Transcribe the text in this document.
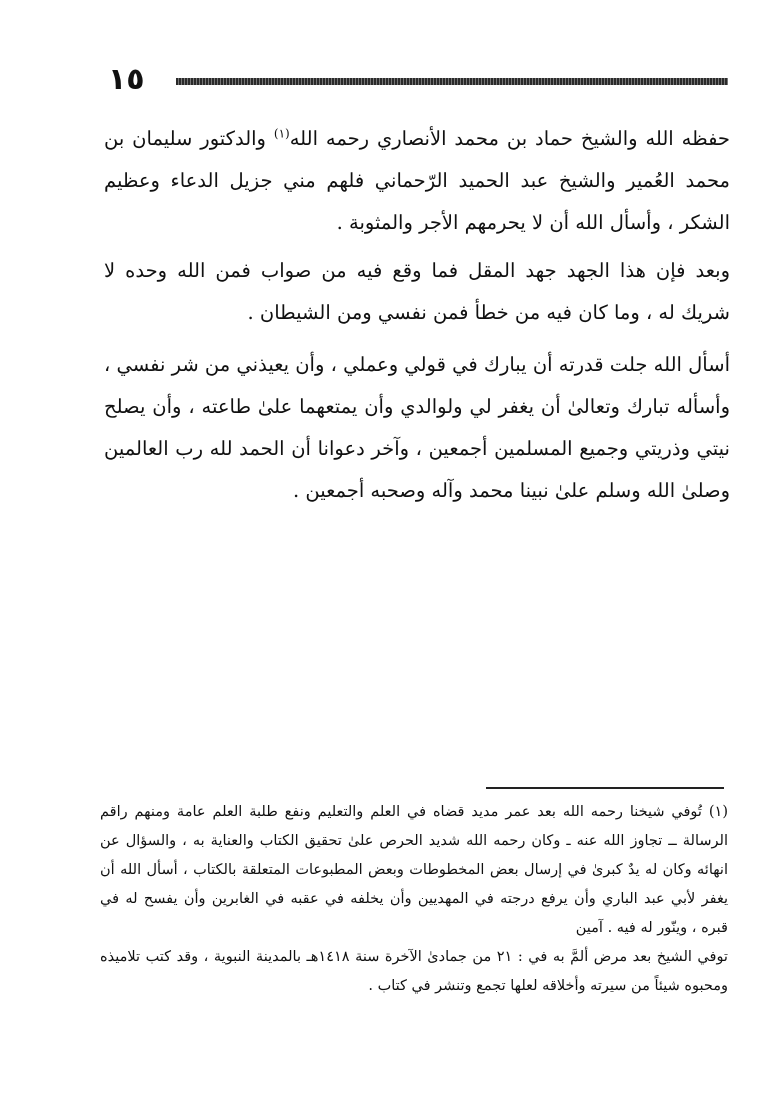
١٥

حفظه الله والشيخ حماد بن محمد الأنصاري رحمه الله$^{(١)}$ والدكتور سليمان بن محمد العُمير والشيخ عبد الحميد الرّحماني فلهم مني جزيل الدعاء وعظيم الشكر ، وأسأل الله أن لا يحرمهم الأجر والمثوبة .

وبعد فإن هذا الجهد جهد المقل فما وقع فيه من صواب فمن الله وحده لا شريك له ، وما كان فيه من خطأ فمن نفسي ومن الشيطان .

أسأل الله جلت قدرته أن يبارك في قولي وعملي ، وأن يعيذني من شر نفسي ، وأسأله تبارك وتعالىٰ أن يغفر لي ولوالدي وأن يمتعهما علىٰ طاعته ، وأن يصلح نيتي وذريتي وجميع المسلمين أجمعين ، وآخر دعوانا أن الحمد لله رب العالمين وصلىٰ الله وسلم علىٰ نبينا محمد وآله وصحبه أجمعين .

(١) تُوفي شيخنا رحمه الله بعد عمر مديد قضاه في العلم والتعليم ونفع طلبة العلم عامة ومنهم راقم الرسالة ــ تجاوز الله عنه ـ وكان رحمه الله شديد الحرص علىٰ تحقيق الكتاب والعناية به ، والسؤال عن انهائه وكان له يدٌ كبرىٰ في إرسال بعض المخطوطات وبعض المطبوعات المتعلقة بالكتاب ، أسأل الله أن يغفر لأبي عبد الباري وأن يرفع درجته في المهديين وأن يخلفه في عقبه في الغابرين وأن يفسح له في قبره ، وينّور له فيه . آمين

توفي الشيخ بعد مرض ألمَّ به في : ٢١ من جمادىٰ الآخرة سنة ١٤١٨هـ بالمدينة النبوية ، وقد كتب تلاميذه ومحبوه شيئاً من سيرته وأخلاقه لعلها تجمع وتنشر في كتاب .
